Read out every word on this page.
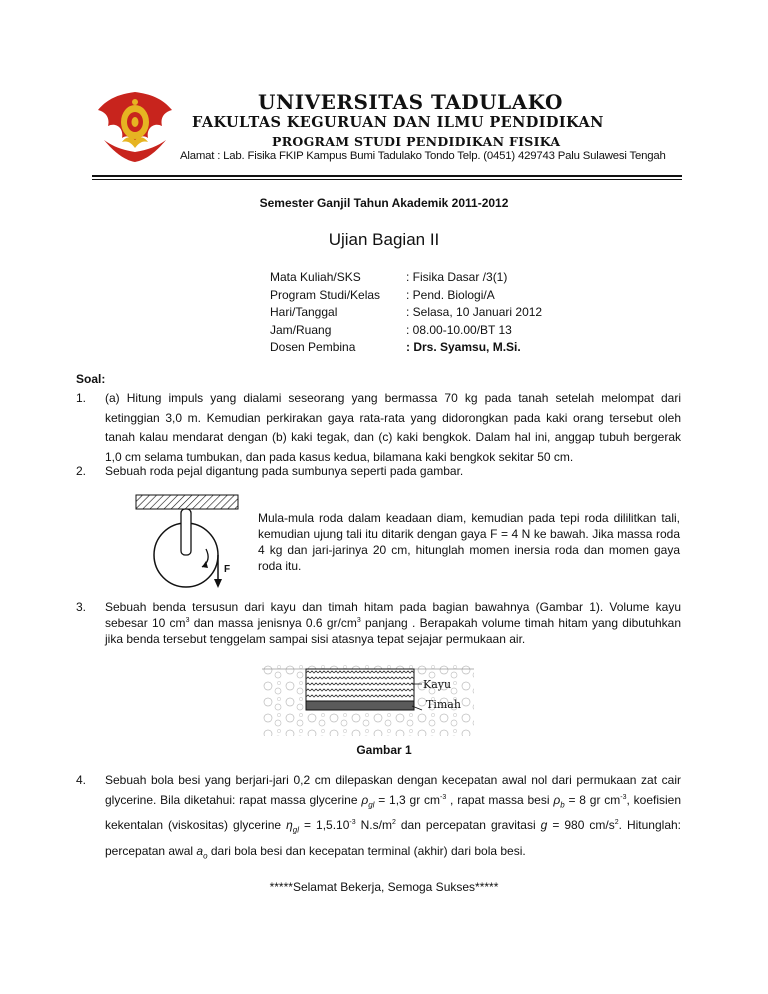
UNIVERSITAS TADULAKO
FAKULTAS KEGURUAN DAN ILMU PENDIDIKAN
PROGRAM STUDI PENDIDIKAN FISIKA
Alamat : Lab. Fisika FKIP Kampus Bumi Tadulako Tondo Telp. (0451) 429743 Palu Sulawesi Tengah
Semester Ganjil Tahun Akademik 2011-2012
Ujian Bagian II
Mata Kuliah/SKS	: Fisika Dasar /3(1)
Program Studi/Kelas	: Pend. Biologi/A
Hari/Tanggal	: Selasa, 10 Januari 2012
Jam/Ruang	: 08.00-10.00/BT 13
Dosen Pembina	: Drs. Syamsu, M.Si.
Soal:
1. (a) Hitung impuls yang dialami seseorang yang bermassa 70 kg pada tanah setelah melompat dari ketinggian 3,0 m. Kemudian perkirakan gaya rata-rata yang didorongkan pada kaki orang tersebut oleh tanah kalau mendarat dengan (b) kaki tegak, dan (c) kaki bengkok. Dalam hal ini, anggap tubuh bergerak 1,0 cm selama tumbukan, dan pada kasus kedua, bilamana kaki bengkok sekitar 50 cm.
2. Sebuah roda pejal digantung pada sumbunya seperti pada gambar.
F
Mula-mula roda dalam keadaan diam, kemudian pada tepi roda dililitkan tali, kemudian ujung tali itu ditarik dengan gaya F = 4 N ke bawah. Jika massa roda 4 kg dan jari-jarinya 20 cm, hitunglah momen inersia roda dan momen gaya roda itu.
3. Sebuah benda tersusun dari kayu dan timah hitam pada bagian bawahnya (Gambar 1). Volume kayu sebesar 10 $cm^3$ dan massa jenisnya 0.6 $gr/cm^3$ panjang . Berapakah volume timah hitam yang dibutuhkan jika benda tersebut tenggelam sampai sisi atasnya tepat sejajar permukaan air.
Kayu
Timah
Gambar 1
4. Sebuah bola besi yang berjari-jari 0,2 cm dilepaskan dengan kecepatan awal nol dari permukaan zat cair glycerine. Bila diketahui: rapat massa glycerine $\rho_{gl} = 1,3$ gr $cm^{-3}$ , rapat massa besi $\rho_b = 8$ gr $cm^{-3}$, koefisien kekentalan (viskositas) glycerine $\eta_{gl} = 1,5.10^{-3}$ $N.s/m^2$ dan percepatan gravitasi g = 980 $cm/s^2$. Hitunglah: percepatan awal $a_o$ dari bola besi dan kecepatan terminal (akhir) dari bola besi.
*****Selamat Bekerja, Semoga Sukses*****
